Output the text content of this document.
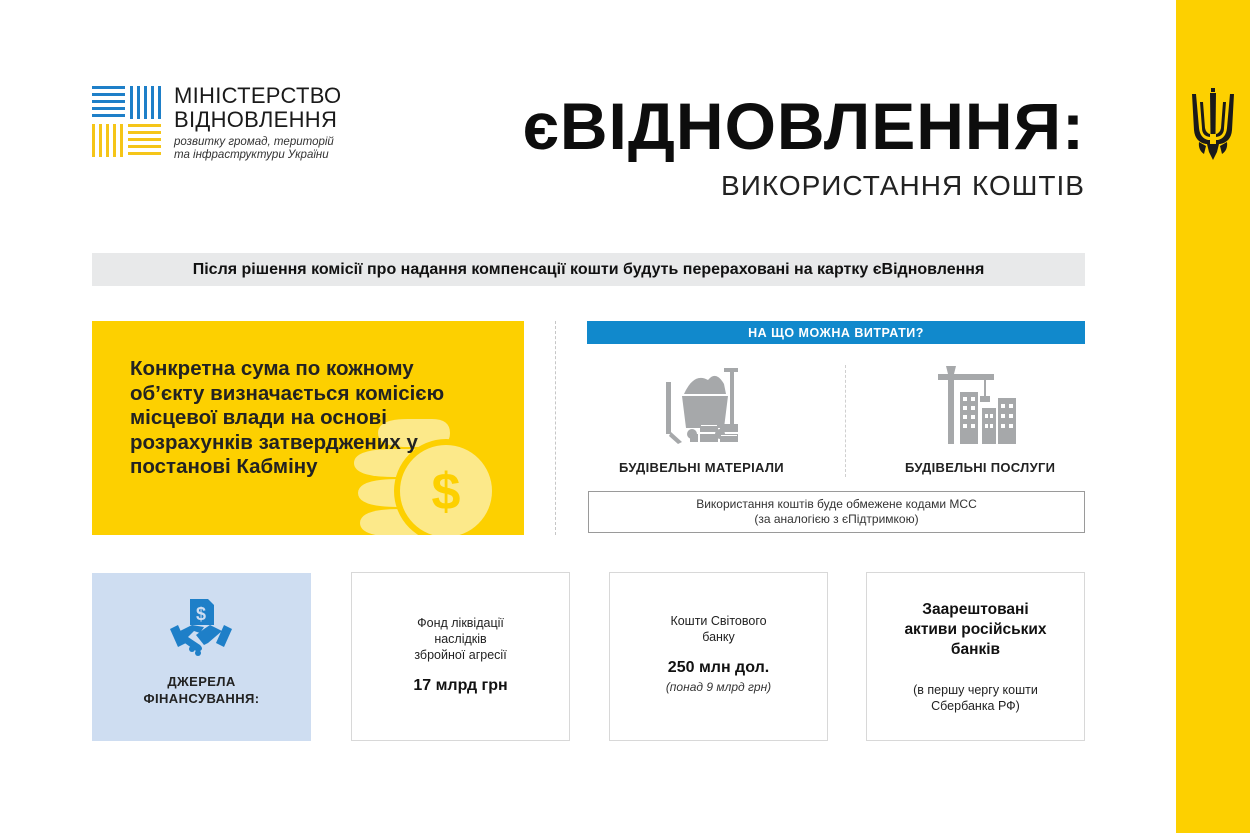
МІНІСТЕРСТВО
ВІДНОВЛЕННЯ
розвитку громад, територій
та інфраструктури України	єВІДНОВЛЕННЯ:
ВИКОРИСТАННЯ КОШТІВ
Після рішення комісії про надання компенсації кошти будуть перераховані на картку єВідновлення
$
Конкретна сума по кожному об’єкту визначається комісією місцевої влади на основі розрахунків затверджених у постанові Кабміну
НА ЩО МОЖНА ВИТРАТИ?
БУДІВЕЛЬНІ МАТЕРІАЛИ	БУДІВЕЛЬНІ ПОСЛУГИ
Використання коштів буде обмежене кодами МСС
(за аналогією з єПідтримкою)
$
ДЖЕРЕЛА
ФІНАНСУВАННЯ:
Фонд ліквідації
наслідків
збройної агресії
17 млрд грн
Кошти Світового
банку
250 млн дол.
(понад 9 млрд грн)
Заарештовані
активи російських
банків
(в першу чергу кошти
Сбербанка РФ)
